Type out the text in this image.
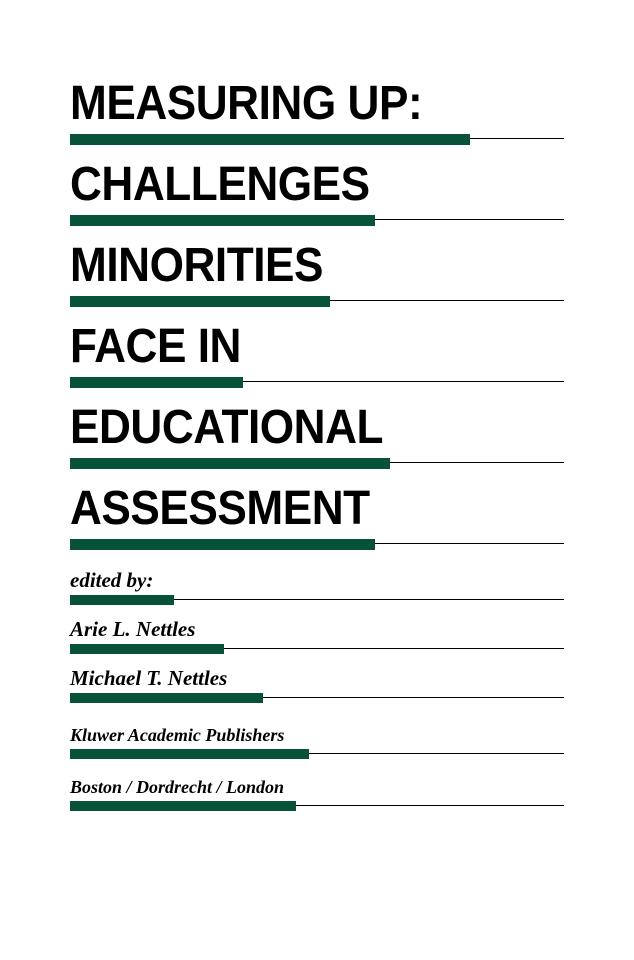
MEASURING UP:
CHALLENGES
MINORITIES
FACE IN
EDUCATIONAL
ASSESSMENT
edited by:
Arie L. Nettles
Michael T. Nettles
Kluwer Academic Publishers
Boston / Dordrecht / London
